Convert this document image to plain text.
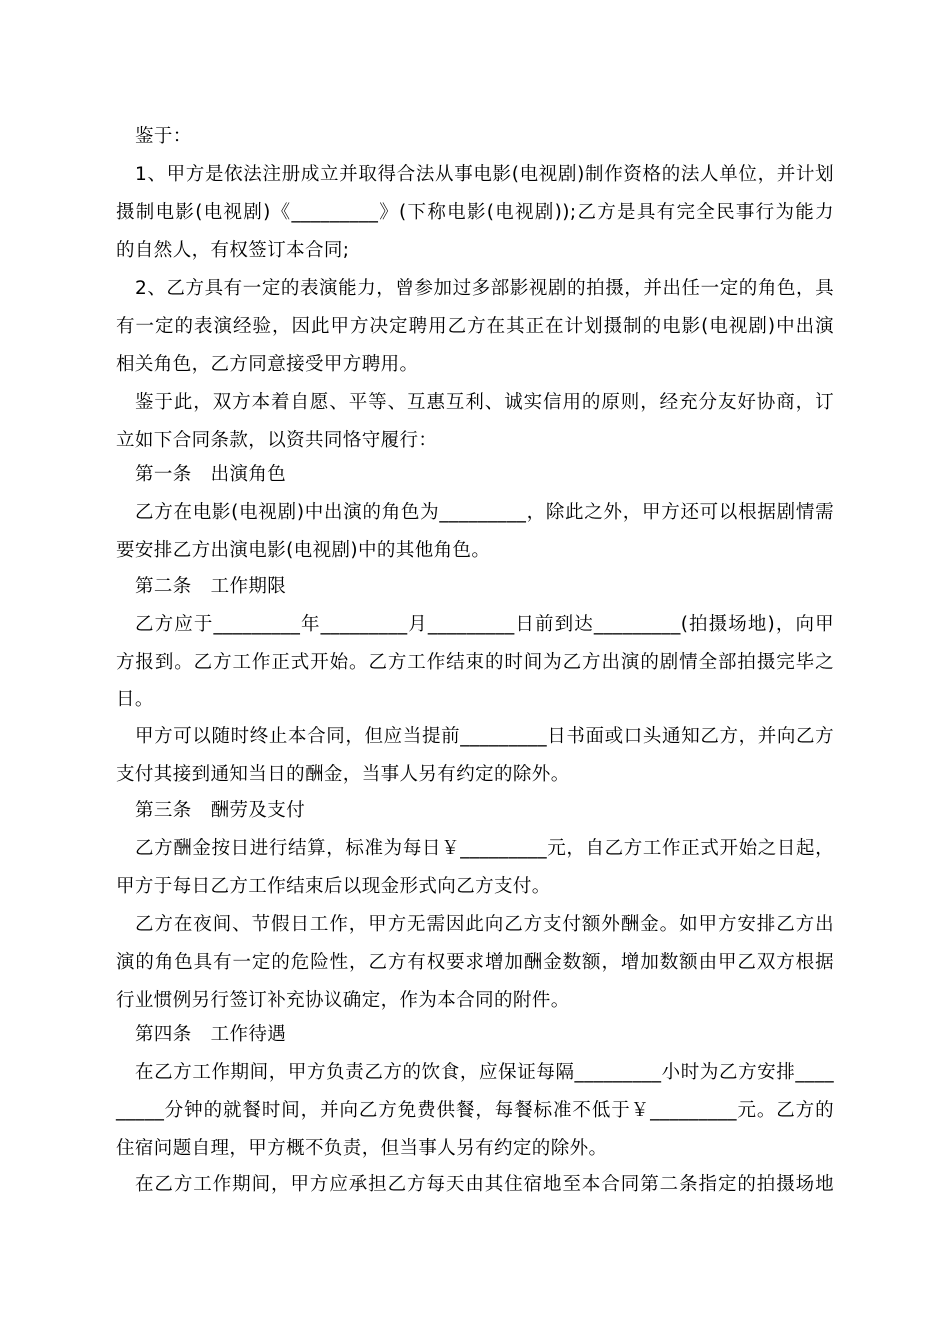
鉴于：
1、甲方是依法注册成立并取得合法从事电影(电视剧)制作资格的法人单位，并计划
摄制电影(电视剧)《_________》(下称电影(电视剧));乙方是具有完全民事行为能力
的自然人，有权签订本合同;
2、乙方具有一定的表演能力，曾参加过多部影视剧的拍摄，并出任一定的角色，具
有一定的表演经验，因此甲方决定聘用乙方在其正在计划摄制的电影(电视剧)中出演
相关角色，乙方同意接受甲方聘用。
鉴于此，双方本着自愿、平等、互惠互利、诚实信用的原则，经充分友好协商，订
立如下合同条款，以资共同恪守履行：
第一条　出演角色
乙方在电影(电视剧)中出演的角色为_________，除此之外，甲方还可以根据剧情需
要安排乙方出演电影(电视剧)中的其他角色。
第二条　工作期限
乙方应于_________年_________月_________日前到达_________(拍摄场地)，向甲
方报到。乙方工作正式开始。乙方工作结束的时间为乙方出演的剧情全部拍摄完毕之
日。
甲方可以随时终止本合同，但应当提前_________日书面或口头通知乙方，并向乙方
支付其接到通知当日的酬金，当事人另有约定的除外。
第三条　酬劳及支付
乙方酬金按日进行结算，标准为每日￥_________元，自乙方工作正式开始之日起，
甲方于每日乙方工作结束后以现金形式向乙方支付。
乙方在夜间、节假日工作，甲方无需因此向乙方支付额外酬金。如甲方安排乙方出
演的角色具有一定的危险性，乙方有权要求增加酬金数额，增加数额由甲乙双方根据
行业惯例另行签订补充协议确定，作为本合同的附件。
第四条　工作待遇
在乙方工作期间，甲方负责乙方的饮食，应保证每隔_________小时为乙方安排____
_____分钟的就餐时间，并向乙方免费供餐，每餐标准不低于￥_________元。乙方的
住宿问题自理，甲方概不负责，但当事人另有约定的除外。
在乙方工作期间，甲方应承担乙方每天由其住宿地至本合同第二条指定的拍摄场地
